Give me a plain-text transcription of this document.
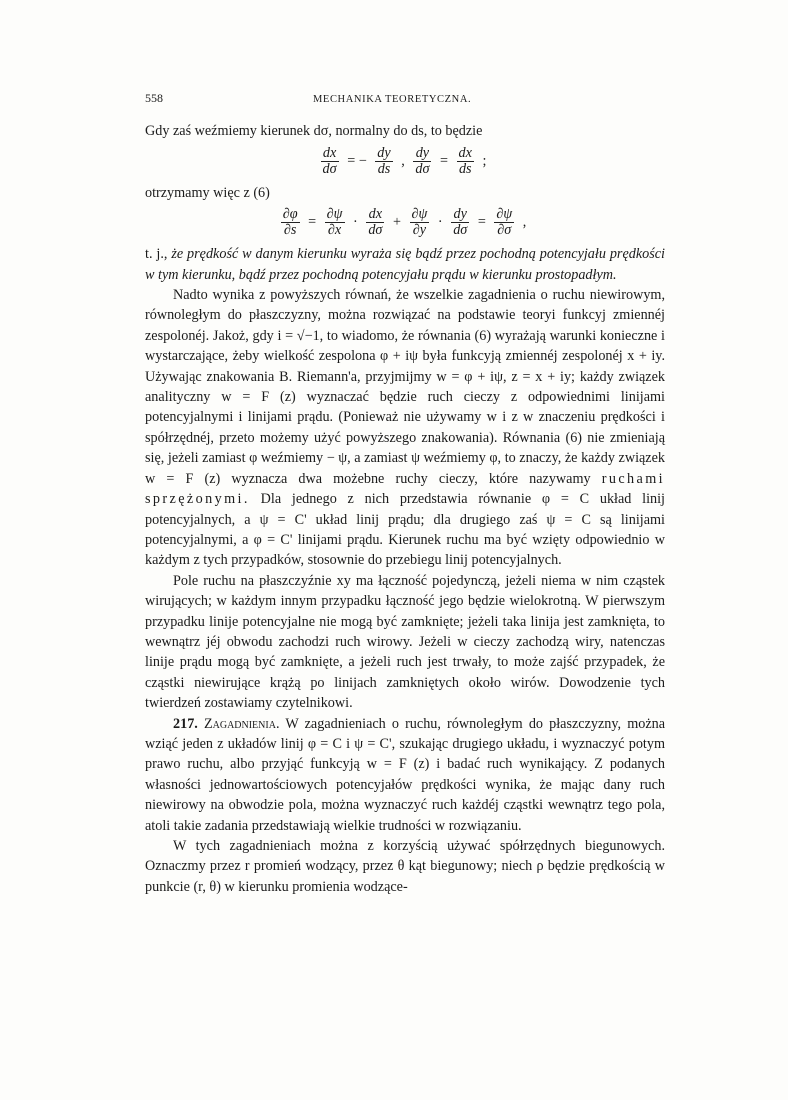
558	MECHANIKA TEORETYCZNA.

Gdy zaś weźmiemy kierunek dσ, normalny do ds, to będzie

$\frac{dx}{d\sigma}$ = − $\frac{dy}{ds}$ , $\frac{dy}{d\sigma} = \frac{dx}{ds}$ ;

otrzymamy więc z (6)

$\frac{\partial\varphi}{\partial s} = \frac{\partial\psi}{\partial x} \cdot \frac{dx}{d\sigma} + \frac{\partial\psi}{\partial y} \cdot \frac{dy}{d\sigma} = \frac{\partial\psi}{\partial\sigma}$ ,

t. j., że prędkość w danym kierunku wyraża się bądź przez pochodną potencyjału prędkości w tym kierunku, bądź przez pochodną potencyjału prądu w kierunku prostopadłym.

Nadto wynika z powyższych równań, że wszelkie zagadnienia o ruchu niewirowym, równoległym do płaszczyzny, można rozwiązać na podstawie teoryi funkcyj zmiennéj zespolonéj. Jakoż, gdy i = √−1, to wiadomo, że równania (6) wyrażają warunki konieczne i wystarczające, żeby wielkość zespolona φ + iψ była funkcyją zmiennéj zespolonéj x + iy. Używając znakowania B. Riemann'a, przyjmijmy w = φ + iψ, z = x + iy; każdy związek analityczny w = F (z) wyznaczać będzie ruch cieczy z odpowiednimi linijami potencyjalnymi i linijami prądu. (Ponieważ nie używamy w i z w znaczeniu prędkości i spółrzędnéj, przeto możemy użyć powyższego znakowania). Równania (6) nie zmieniają się, jeżeli zamiast φ weźmiemy − ψ, a zamiast ψ weźmiemy φ, to znaczy, że każdy związek w = F (z) wyznacza dwa możebne ruchy cieczy, które nazywamy ruchami sprzężonymi. Dla jednego z nich przedstawia równanie φ = C układ linij potencyjalnych, a ψ = C' układ linij prądu; dla drugiego zaś ψ = C są linijami potencyjalnymi, a φ = C' linijami prądu. Kierunek ruchu ma być wzięty odpowiednio w każdym z tych przypadków, stosownie do przebiegu linij potencyjalnych.

Pole ruchu na płaszczyźnie xy ma łączność pojedynczą, jeżeli niema w nim cząstek wirujących; w każdym innym przypadku łączność jego będzie wielokrotną. W pierwszym przypadku linije potencyjalne nie mogą być zamknięte; jeżeli taka linija jest zamknięta, to wewnątrz jéj obwodu zachodzi ruch wirowy. Jeżeli w cieczy zachodzą wiry, natenczas linije prądu mogą być zamknięte, a jeżeli ruch jest trwały, to może zajść przypadek, że cząstki niewirujące krążą po linijach zamkniętych około wirów. Dowodzenie tych twierdzeń zostawiamy czytelnikowi.

217. Zagadnienia. W zagadnieniach o ruchu, równoległym do płaszczyzny, można wziąć jeden z układów linij φ = C i ψ = C', szukając drugiego układu, i wyznaczyć potym prawo ruchu, albo przyjąć funkcyją w = F (z) i badać ruch wynikający. Z podanych własności jednowartościowych potencyjałów prędkości wynika, że mając dany ruch niewirowy na obwodzie pola, można wyznaczyć ruch każdéj cząstki wewnątrz tego pola, atoli takie zadania przedstawiają wielkie trudności w rozwiązaniu.

W tych zagadnieniach można z korzyścią używać spółrzędnych biegunowych. Oznaczmy przez r promień wodzący, przez θ kąt biegunowy; niech ρ będzie prędkością w punkcie (r, θ) w kierunku promienia wodzące-
